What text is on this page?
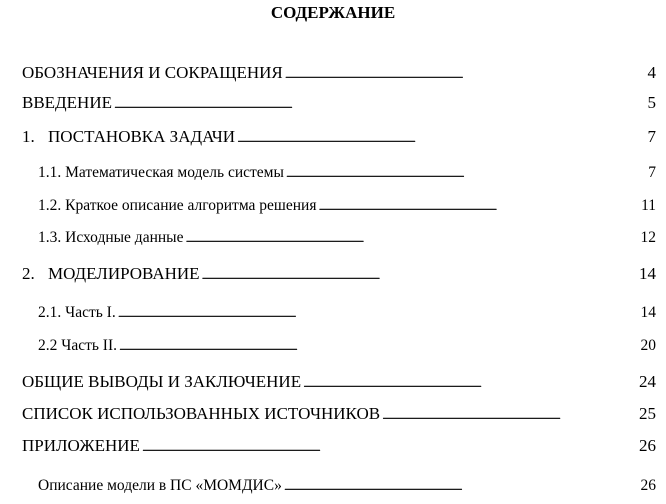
СОДЕРЖАНИЕ
ОБОЗНАЧЕНИЯ И СОКРАЩЕНИЯ . . .	4
ВВЕДЕНИЕ . . .	5
1. ПОСТАНОВКА ЗАДАЧИ . . .	7
1.1. Математическая модель системы . . .	7
1.2. Краткое описание алгоритма решения . . .	11
1.3. Исходные данные . . .	12
2. МОДЕЛИРОВАНИЕ . . .	14
2.1. Часть I. . . .	14
2.2 Часть II. . . .	20
ОБЩИЕ ВЫВОДЫ И ЗАКЛЮЧЕНИЕ . . .	24
СПИСОК ИСПОЛЬЗОВАННЫХ ИСТОЧНИКОВ . . .	25
ПРИЛОЖЕНИЕ . . .	26
Описание модели в ПС «МОМДИС» . . .	26
